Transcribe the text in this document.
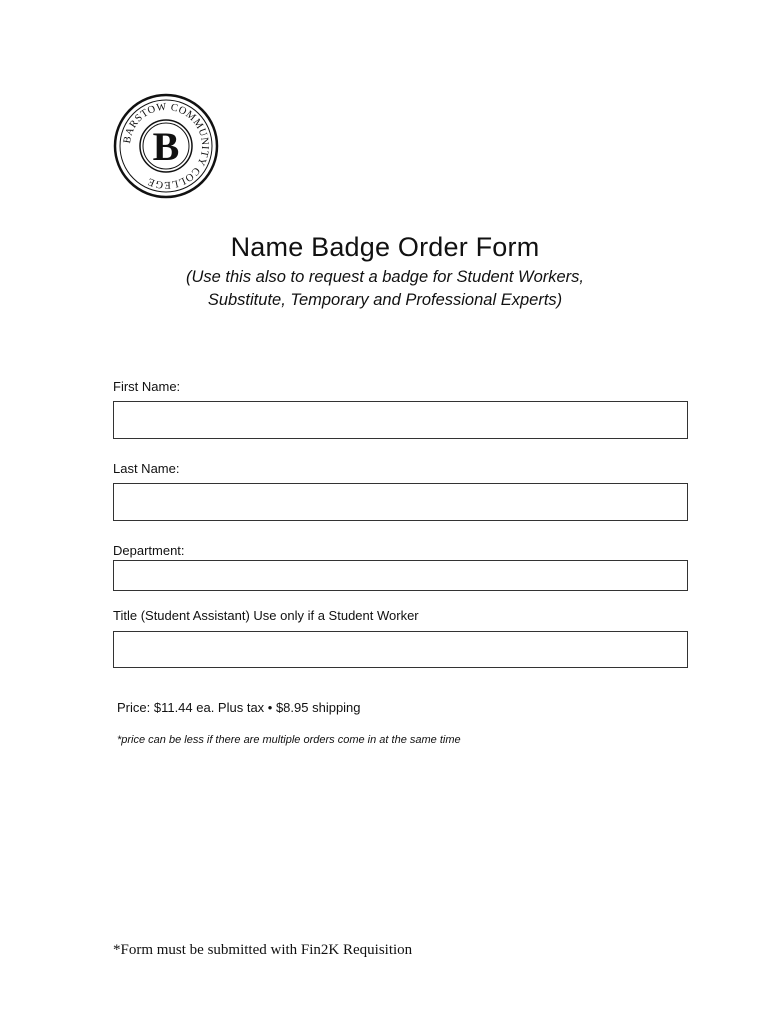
BARSTOW COMMUNITY COLLEGE
B
Name Badge Order Form
(Use this also to request a badge for Student Workers,
Substitute, Temporary and Professional Experts)
First Name:
Last Name:
Department:
Title (Student Assistant) Use only if a Student Worker
Price: $11.44 ea. Plus tax • $8.95 shipping
*price can be less if there are multiple orders come in at the same time
*Form must be submitted with Fin2K Requisition
